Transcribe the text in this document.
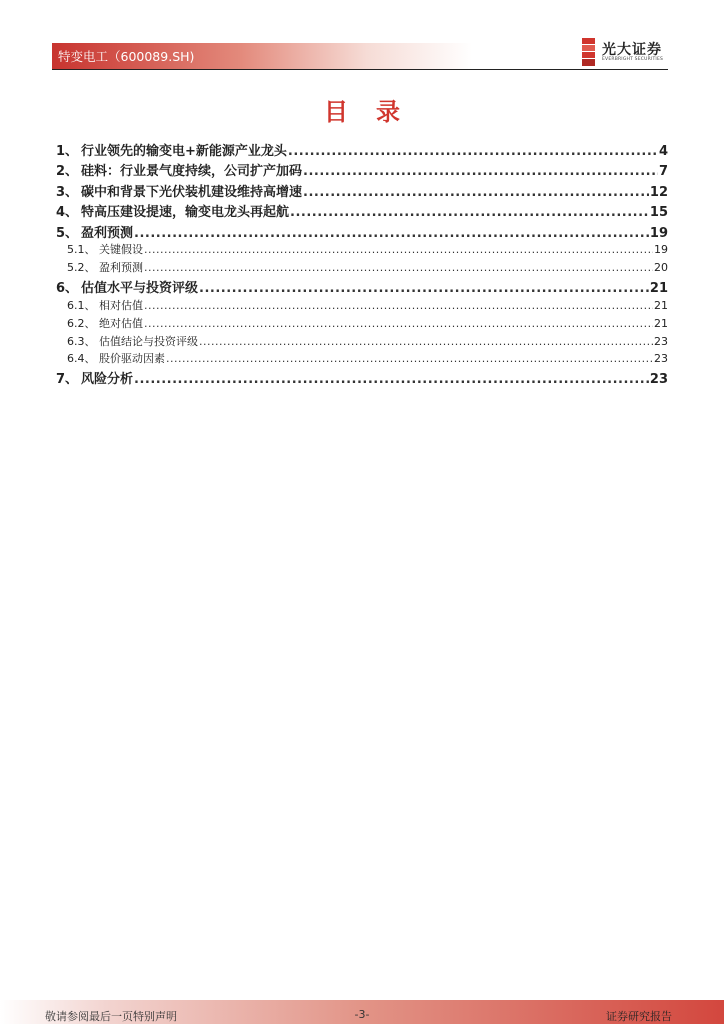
特变电工（600089.SH)	光大证券
EVERBRIGHT SECURITIES
目录
1、 行业领先的输变电+新能源产业龙头 .....	4
2、 硅料：行业景气度持续，公司扩产加码 .....	7
3、 碳中和背景下光伏装机建设维持高增速 .....	12
4、 特高压建设提速，输变电龙头再起航 .....	15
5、 盈利预测 .....	19
5.1、 关键假设 .....	19
5.2、 盈利预测 .....	20
6、 估值水平与投资评级 .....	21
6.1、 相对估值 .....	21
6.2、 绝对估值 .....	21
6.3、 估值结论与投资评级 .....	23
6.4、 股价驱动因素 .....	23
7、 风险分析 .....	23
敬请参阅最后一页特别声明	-3-	证券研究报告
